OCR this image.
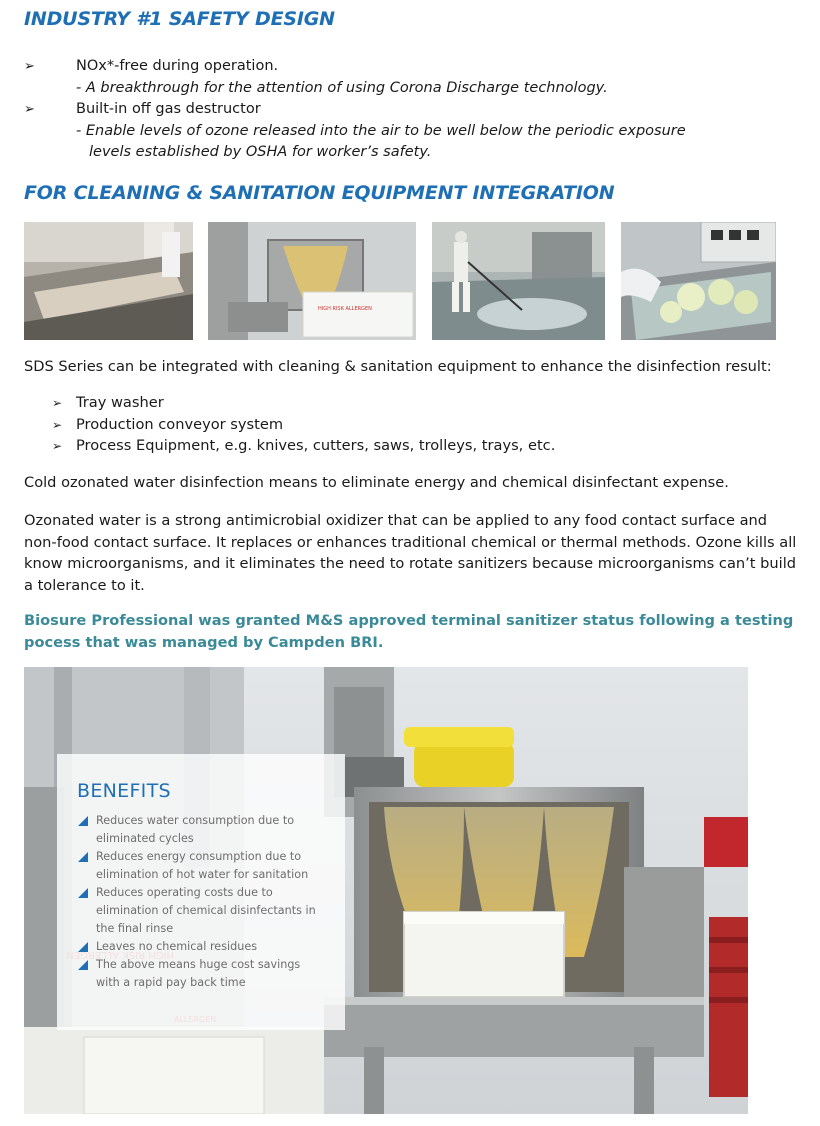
INDUSTRY #1 SAFETY DESIGN
➢	NOx*-free during operation.
- A breakthrough for the attention of using Corona Discharge technology.
➢	Built-in off gas destructor
- Enable levels of ozone released into the air to be well below the periodic exposure
levels established by OSHA for worker’s safety.
FOR CLEANING & SANITATION EQUIPMENT INTEGRATION
HIGH RISK ALLERGEN

SDS Series can be integrated with cleaning & sanitation equipment to enhance the disinfection result:

➢ Tray washer
➢ Production conveyor system
➢ Process Equipment, e.g. knives, cutters, saws, trolleys, trays, etc.

Cold ozonated water disinfection means to eliminate energy and chemical disinfectant expense.

Ozonated water is a strong antimicrobial oxidizer that can be applied to any food contact surface and non-food contact surface. It replaces or enhances traditional chemical or thermal methods. Ozone kills all know microorganisms, and it eliminates the need to rotate sanitizers because microorganisms can’t build a tolerance to it.

Biosure Professional was granted M&S approved terminal sanitizer status following a testing pocess that was managed by Campden BRI.

BENEFITS
Reduces water consumption due to eliminated cycles
Reduces energy consumption due to elimination of hot water for sanitation
Reduces operating costs due to elimination of chemical disinfectants in the final rinse
Leaves no chemical residues
The above means huge cost savings with a rapid pay back time
